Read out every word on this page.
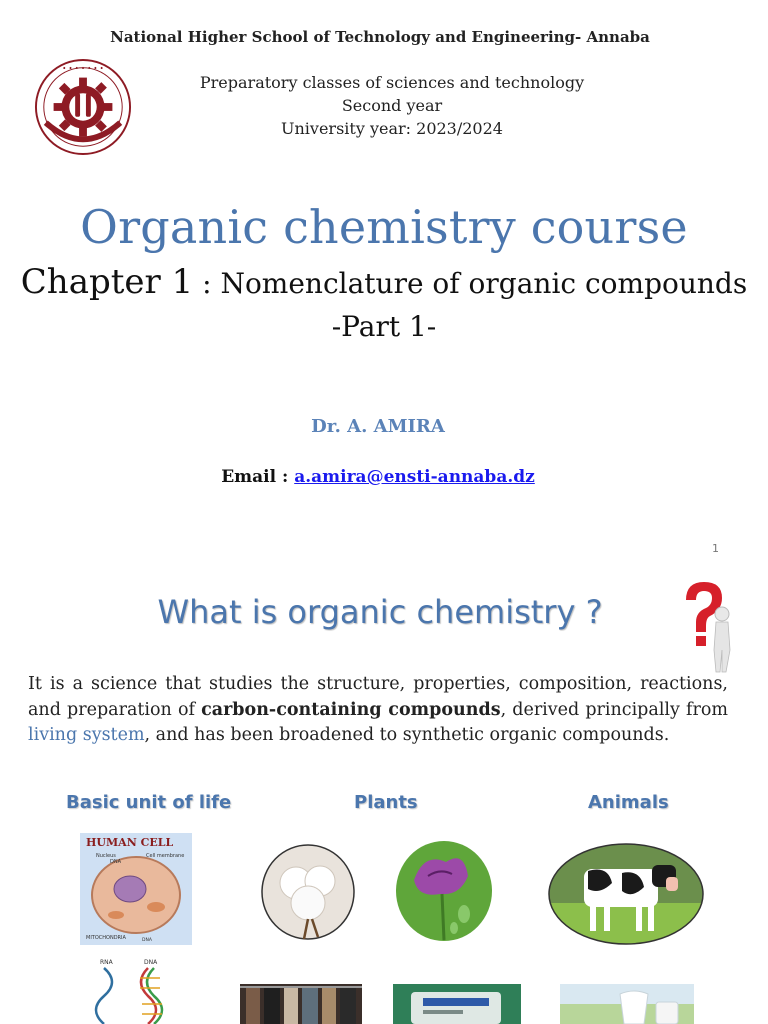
National Higher School of Technology and Engineering- Annaba
• • • • • • •
Preparatory classes of sciences and technology
Second year
University year: 2023/2024
Organic chemistry course
Chapter 1 : Nomenclature of organic compounds
-Part 1-
Dr. A. AMIRA
Email : a.amira@ensti-annaba.dz
1
What is organic chemistry ?
It is a science that studies the structure, properties, composition, reactions, and preparation of carbon-containing compounds, derived principally from living system, and has been broadened to synthetic organic compounds.
Basic unit of life	Plants	Animals
HUMAN CELL
Nucleus
DNA
Cell membrane
MITOCHONDRIA	DNA
RNA	DNA
